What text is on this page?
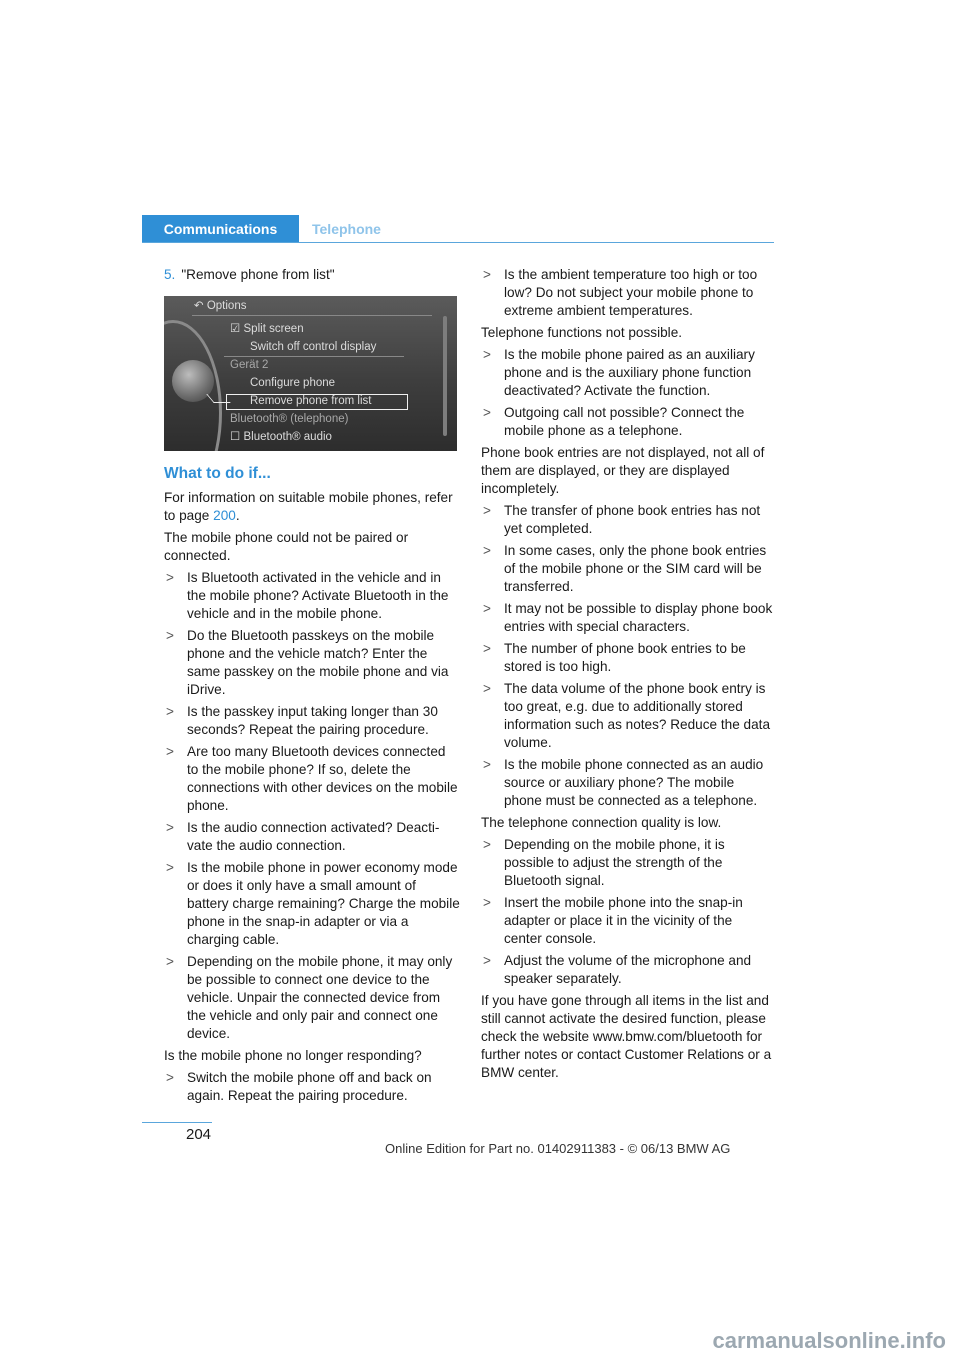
Communications	Telephone

5. "Remove phone from list"

↶ Options
☑ Split screen
Switch off control display
Gerät 2
Configure phone
Remove phone from list
Bluetooth® (telephone)
☐ Bluetooth® audio
What to do if...

For information on suitable mobile phones, refer to page 200.

The mobile phone could not be paired or connected.

> Is Bluetooth activated in the vehicle and in the mobile phone? Activate Bluetooth in the vehicle and in the mobile phone.

> Do the Bluetooth passkeys on the mobile phone and the vehicle match? Enter the same passkey on the mobile phone and via iDrive.

> Is the passkey input taking longer than 30 seconds? Repeat the pairing procedure.

> Are too many Bluetooth devices connected to the mobile phone? If so, delete the connections with other devices on the mobile phone.

> Is the audio connection activated? Deacti-vate the audio connection.

> Is the mobile phone in power economy mode or does it only have a small amount of battery charge remaining? Charge the mobile phone in the snap-in adapter or via a charging cable.

> Depending on the mobile phone, it may only be possible to connect one device to the vehicle. Unpair the connected device from the vehicle and only pair and connect one device.

Is the mobile phone no longer responding?

> Switch the mobile phone off and back on again. Repeat the pairing procedure.

> Is the ambient temperature too high or too low? Do not subject your mobile phone to extreme ambient temperatures.

Telephone functions not possible.

> Is the mobile phone paired as an auxiliary phone and is the auxiliary phone function deactivated? Activate the function.

> Outgoing call not possible? Connect the mobile phone as a telephone.

Phone book entries are not displayed, not all of them are displayed, or they are displayed incompletely.

> The transfer of phone book entries has not yet completed.

> In some cases, only the phone book entries of the mobile phone or the SIM card will be transferred.

> It may not be possible to display phone book entries with special characters.

> The number of phone book entries to be stored is too high.

> The data volume of the phone book entry is too great, e.g. due to additionally stored information such as notes? Reduce the data volume.

> Is the mobile phone connected as an audio source or auxiliary phone? The mobile phone must be connected as a telephone.

The telephone connection quality is low.

> Depending on the mobile phone, it is possible to adjust the strength of the Bluetooth signal.

> Insert the mobile phone into the snap-in adapter or place it in the vicinity of the center console.

> Adjust the volume of the microphone and speaker separately.

If you have gone through all items in the list and still cannot activate the desired function, please check the website www.bmw.com/bluetooth for further notes or contact Customer Relations or a BMW center.

204
Online Edition for Part no. 01402911383 - © 06/13 BMW AG
carmanualsonline.info
